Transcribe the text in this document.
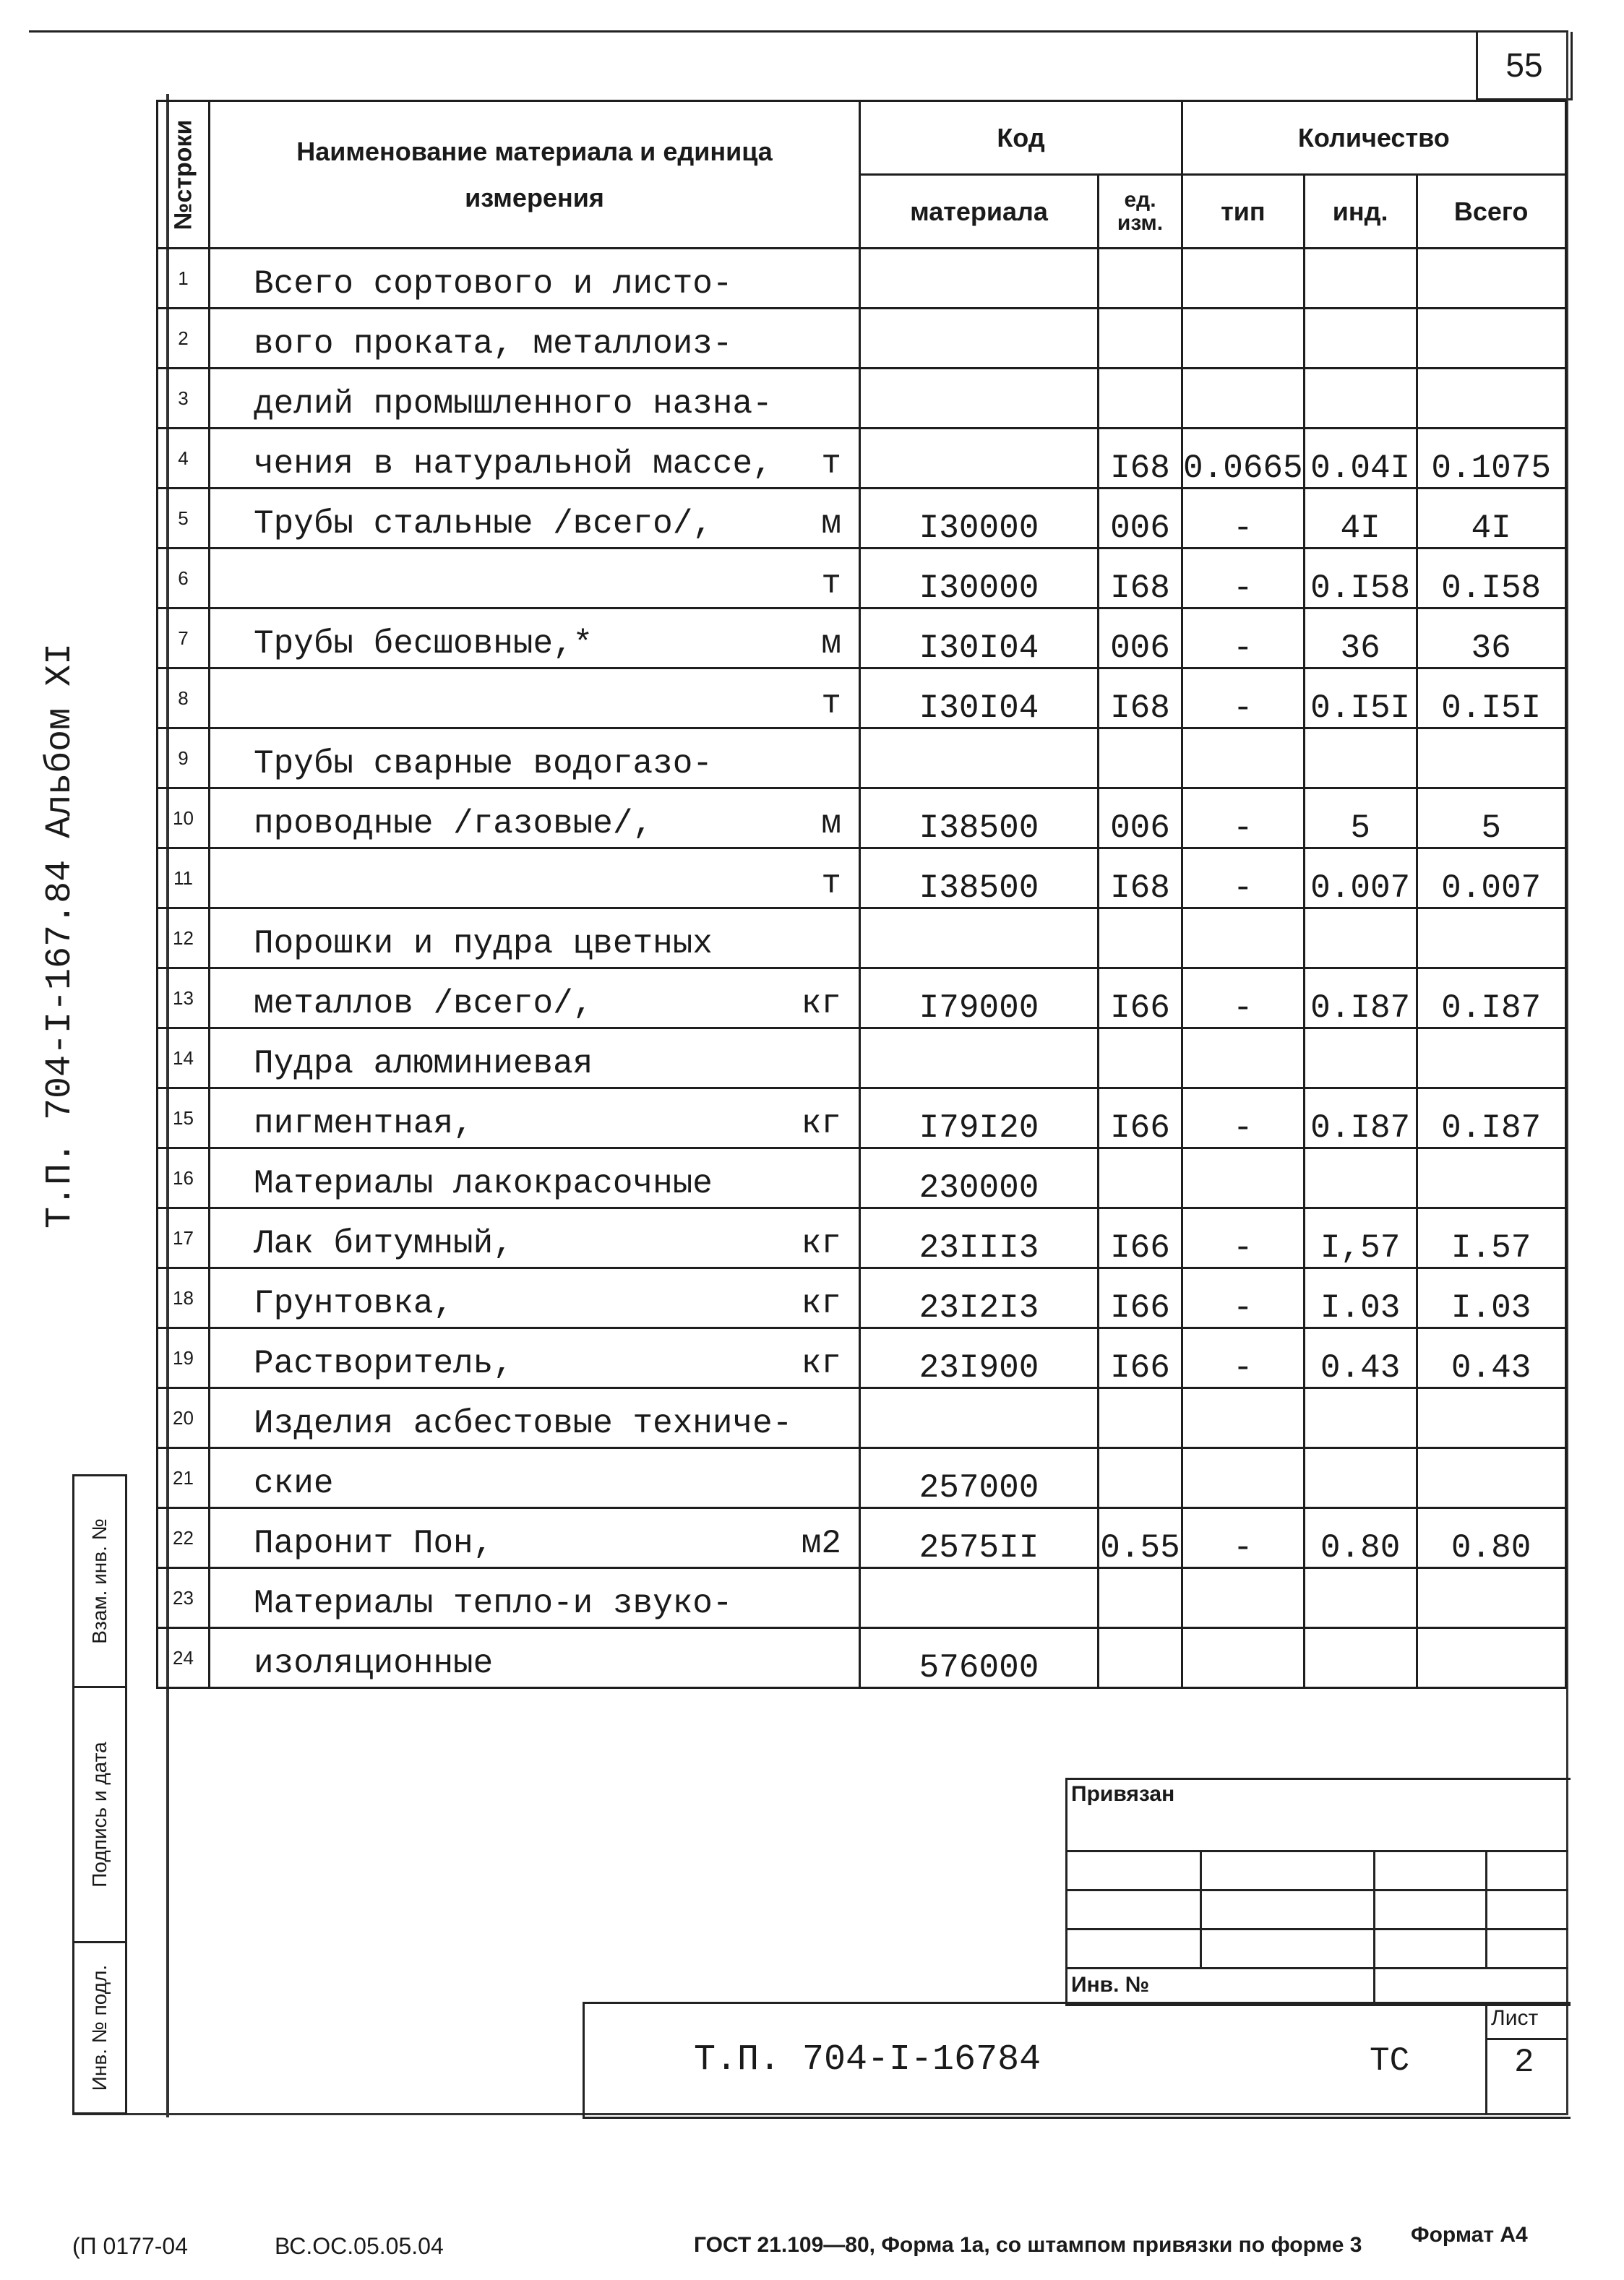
55
Т.П. 704-I-167.84 Альбом XI
№строки	Наименование материала и единица измерения	Код		Количество		
		материала	ед. изм.	тип	инд.	Всего
1	Всего сортового и листо-					

2	вого проката, металлоиз-					

3	делий промышленного назна-					

4	чения в натуральной массе, т		I68	0.0665	0.04I	0.1075
5	Трубы стальные /всего/, м	I30000	006	-	4I	4I
6	т	I30000	I68	-	0.I58	0.I58
7	Трубы бесшовные,* м	I30I04	006	-	36	36
8	т	I30I04	I68	-	0.I5I	0.I5I
9	Трубы сварные водогазо-					

10	проводные /газовые/, м	I38500	006	-	5	5
11	т	I38500	I68	-	0.007	0.007
12	Порошки и пудра цветных					

13	металлов /всего/, кг	I79000	I66	-	0.I87	0.I87
14	Пудра алюминиевая					

15	пигментная, кг	I79I20	I66	-	0.I87	0.I87
16	Материалы лакокрасочные	230000				
17	Лак битумный, кг	23III3	I66	-	I,57	I.57
18	Грунтовка, кг	23I2I3	I66	-	I.03	I.03
19	Растворитель, кг	23I900	I66	-	0.43	0.43
20	Изделия асбестовые техниче-					

21	ские	257000				
22	Паронит Пон, м2	2575II	0.55	-	0.80	0.80
23	Материалы тепло-и звуко-					

24	изоляционные	576000				
Взам. инв. №
Подпись и дата
Инв. № подл.
Привязан
Инв. №
Т.П. 704-I-16784	ТС
Лист
2
Формат А4
(П 0177-04	ВС.ОС.05.05.04	ГОСТ 21.109—80, Форма 1а, со штампом привязки по форме 3
